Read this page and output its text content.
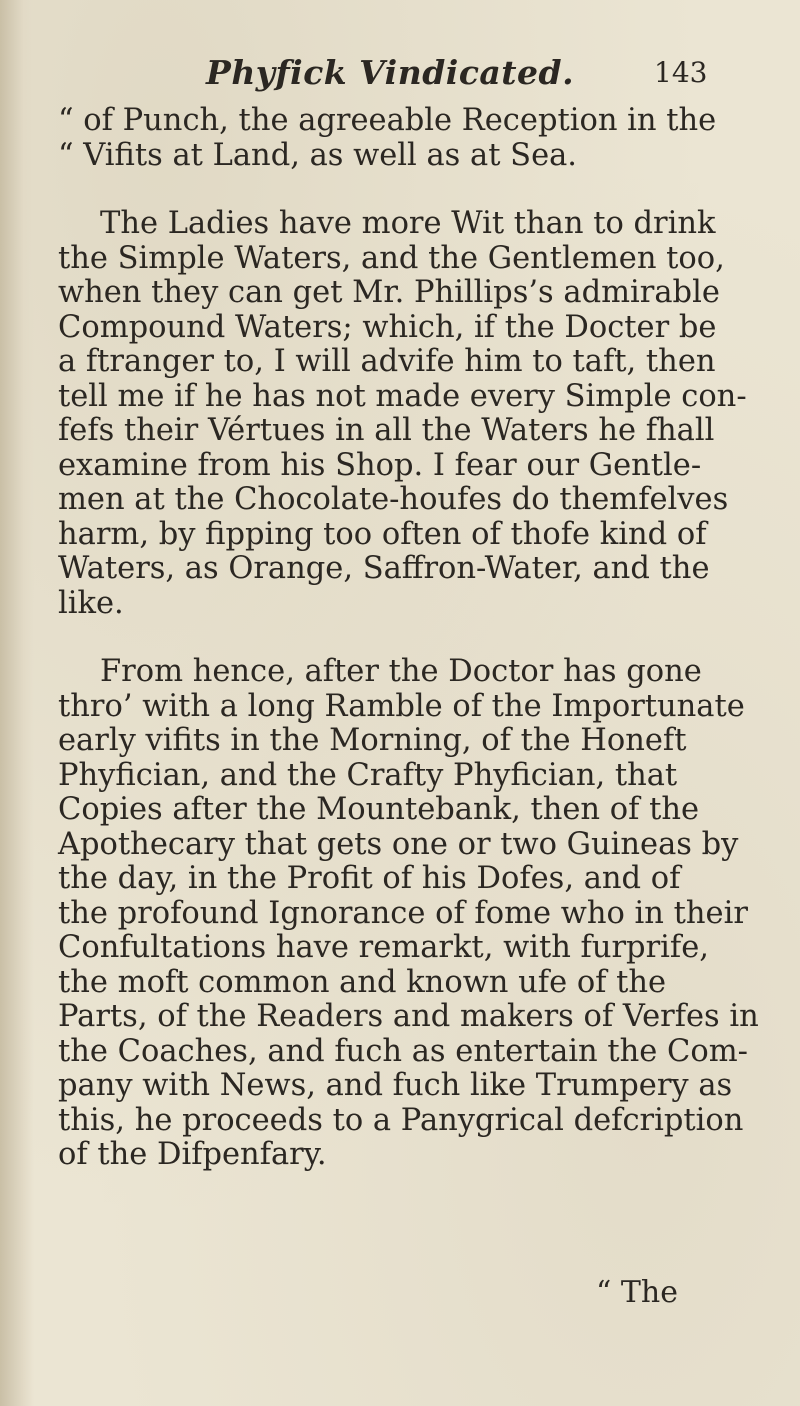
Phyfick Vindicated.	143

“ of Punch, the agreeable Reception in the
“ Vifits at Land, as well as at Sea.

The Ladies have more Wit than to drink
the Simple Waters, and the Gentlemen too,
when they can get Mr. Phillips’s admirable
Compound Waters; which, if the Docter be
a ftranger to, I will advife him to taft, then
tell me if he has not made every Simple con-
fefs their Vértues in all the Waters he fhall
examine from his Shop. I fear our Gentle-
men at the Chocolate-houfes do themfelves
harm, by fipping too often of thofe kind of
Waters, as Orange, Saffron-Water, and the
like.

From hence, after the Doctor has gone
thro’ with a long Ramble of the Importunate
early vifits in the Morning, of the Honeft
Phyfician, and the Crafty Phyfician, that
Copies after the Mountebank, then of the
Apothecary that gets one or two Guineas by
the day, in the Profit of his Dofes, and of
the profound Ignorance of fome who in their
Confultations have remarkt, with furprife,
the moft common and known ufe of the
Parts, of the Readers and makers of Verfes in
the Coaches, and fuch as entertain the Com-
pany with News, and fuch like Trumpery as
this, he proceeds to a Panygrical defcription
of the Difpenfary.

“ The
